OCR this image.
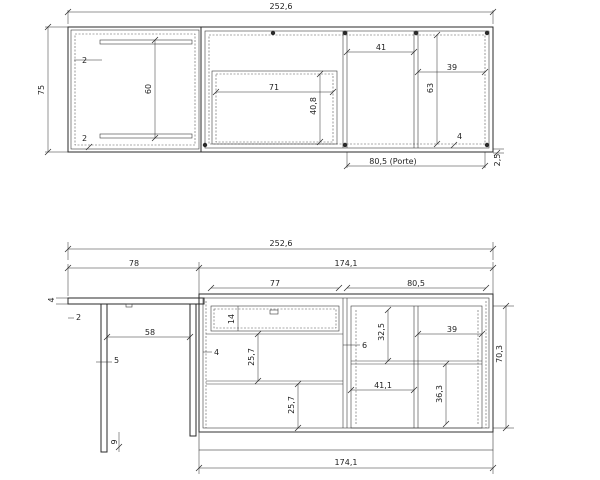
252,6
75	60
2
2
71
40,8
41
39
63
4
80,5 (Porte)	2,5
252,6
78	174,1
4
2
58
5
9
77
14
4	25,7
25,7
80,5
6
32,5	39
41,1	36,3
70,3
174,1
